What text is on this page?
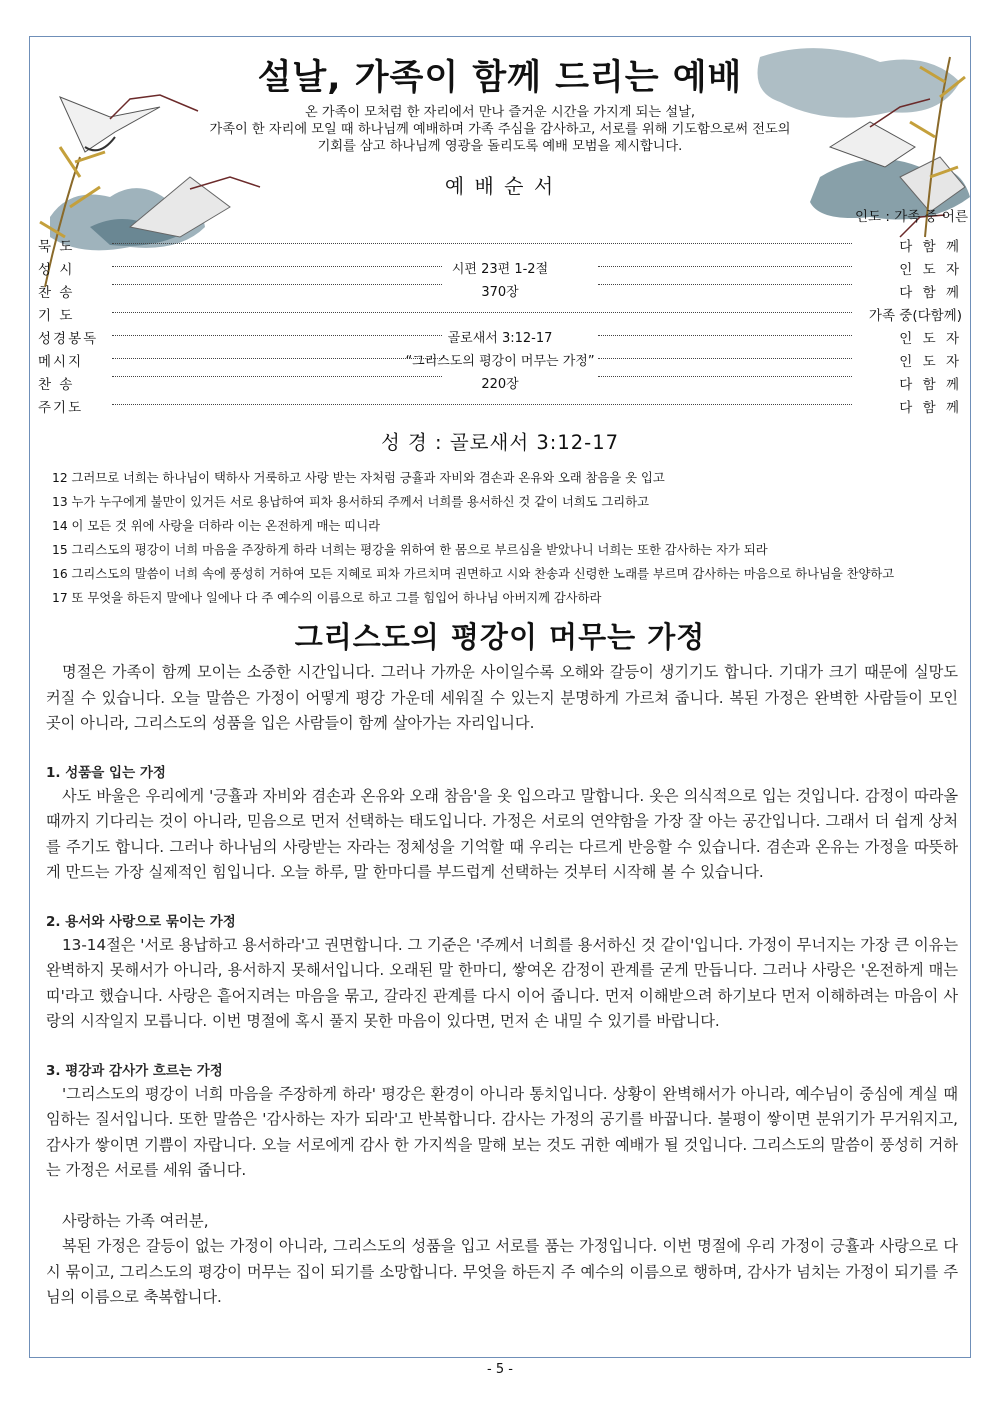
설날, 가족이 함께 드리는 예배
온 가족이 모처럼 한 자리에서 만나 즐거운 시간을 가지게 되는 설날,
가족이 한 자리에 모일 때 하나님께 예배하며 가족 주심을 감사하고, 서로를 위해 기도함으로써 전도의
기회를 삼고 하나님께 영광을 돌리도록 예배 모범을 제시합니다.
예 배 순 서
인도 : 가족 중 어른
묵 도	다 함 께
성 시	시편 23편 1-2절	인 도 자
찬 송	370장	다 함 께
기 도	가족 중(다함께)
성경봉독	골로새서 3:12-17	인 도 자
메시지	“그리스도의 평강이 머무는 가정”	인 도 자
찬 송	220장	다 함 께
주기도	다 함 께
성 경 : 골로새서 3:12-17
12 그러므로 너희는 하나님이 택하사 거룩하고 사랑 받는 자처럼 긍휼과 자비와 겸손과 온유와 오래 참음을 옷 입고
13 누가 누구에게 불만이 있거든 서로 용납하여 피차 용서하되 주께서 너희를 용서하신 것 같이 너희도 그리하고
14 이 모든 것 위에 사랑을 더하라 이는 온전하게 매는 띠니라
15 그리스도의 평강이 너희 마음을 주장하게 하라 너희는 평강을 위하여 한 몸으로 부르심을 받았나니 너희는 또한 감사하는 자가 되라
16 그리스도의 말씀이 너희 속에 풍성히 거하여 모든 지혜로 피차 가르치며 권면하고 시와 찬송과 신령한 노래를 부르며 감사하는 마음으로 하나님을 찬양하고
17 또 무엇을 하든지 말에나 일에나 다 주 예수의 이름으로 하고 그를 힘입어 하나님 아버지께 감사하라
그리스도의 평강이 머무는 가정

명절은 가족이 함께 모이는 소중한 시간입니다. 그러나 가까운 사이일수록 오해와 갈등이 생기기도 합니다. 기대가 크기 때문에 실망도 커질 수 있습니다. 오늘 말씀은 가정이 어떻게 평강 가운데 세워질 수 있는지 분명하게 가르쳐 줍니다. 복된 가정은 완벽한 사람들이 모인 곳이 아니라, 그리스도의 성품을 입은 사람들이 함께 살아가는 자리입니다.

1. 성품을 입는 가정

사도 바울은 우리에게 '긍휼과 자비와 겸손과 온유와 오래 참음'을 옷 입으라고 말합니다. 옷은 의식적으로 입는 것입니다. 감정이 따라올 때까지 기다리는 것이 아니라, 믿음으로 먼저 선택하는 태도입니다. 가정은 서로의 연약함을 가장 잘 아는 공간입니다. 그래서 더 쉽게 상처를 주기도 합니다. 그러나 하나님의 사랑받는 자라는 정체성을 기억할 때 우리는 다르게 반응할 수 있습니다. 겸손과 온유는 가정을 따뜻하게 만드는 가장 실제적인 힘입니다. 오늘 하루, 말 한마디를 부드럽게 선택하는 것부터 시작해 볼 수 있습니다.

2. 용서와 사랑으로 묶이는 가정

13-14절은 '서로 용납하고 용서하라'고 권면합니다. 그 기준은 '주께서 너희를 용서하신 것 같이'입니다. 가정이 무너지는 가장 큰 이유는 완벽하지 못해서가 아니라, 용서하지 못해서입니다. 오래된 말 한마디, 쌓여온 감정이 관계를 굳게 만듭니다. 그러나 사랑은 '온전하게 매는 띠'라고 했습니다. 사랑은 흩어지려는 마음을 묶고, 갈라진 관계를 다시 이어 줍니다. 먼저 이해받으려 하기보다 먼저 이해하려는 마음이 사랑의 시작일지 모릅니다. 이번 명절에 혹시 풀지 못한 마음이 있다면, 먼저 손 내밀 수 있기를 바랍니다.

3. 평강과 감사가 흐르는 가정

'그리스도의 평강이 너희 마음을 주장하게 하라' 평강은 환경이 아니라 통치입니다. 상황이 완벽해서가 아니라, 예수님이 중심에 계실 때 임하는 질서입니다. 또한 말씀은 '감사하는 자가 되라'고 반복합니다. 감사는 가정의 공기를 바꿉니다. 불평이 쌓이면 분위기가 무거워지고, 감사가 쌓이면 기쁨이 자랍니다. 오늘 서로에게 감사 한 가지씩을 말해 보는 것도 귀한 예배가 될 것입니다. 그리스도의 말씀이 풍성히 거하는 가정은 서로를 세워 줍니다.

사랑하는 가족 여러분,

복된 가정은 갈등이 없는 가정이 아니라, 그리스도의 성품을 입고 서로를 품는 가정입니다. 이번 명절에 우리 가정이 긍휼과 사랑으로 다시 묶이고, 그리스도의 평강이 머무는 집이 되기를 소망합니다. 무엇을 하든지 주 예수의 이름으로 행하며, 감사가 넘치는 가정이 되기를 주님의 이름으로 축복합니다.

- 5 -
